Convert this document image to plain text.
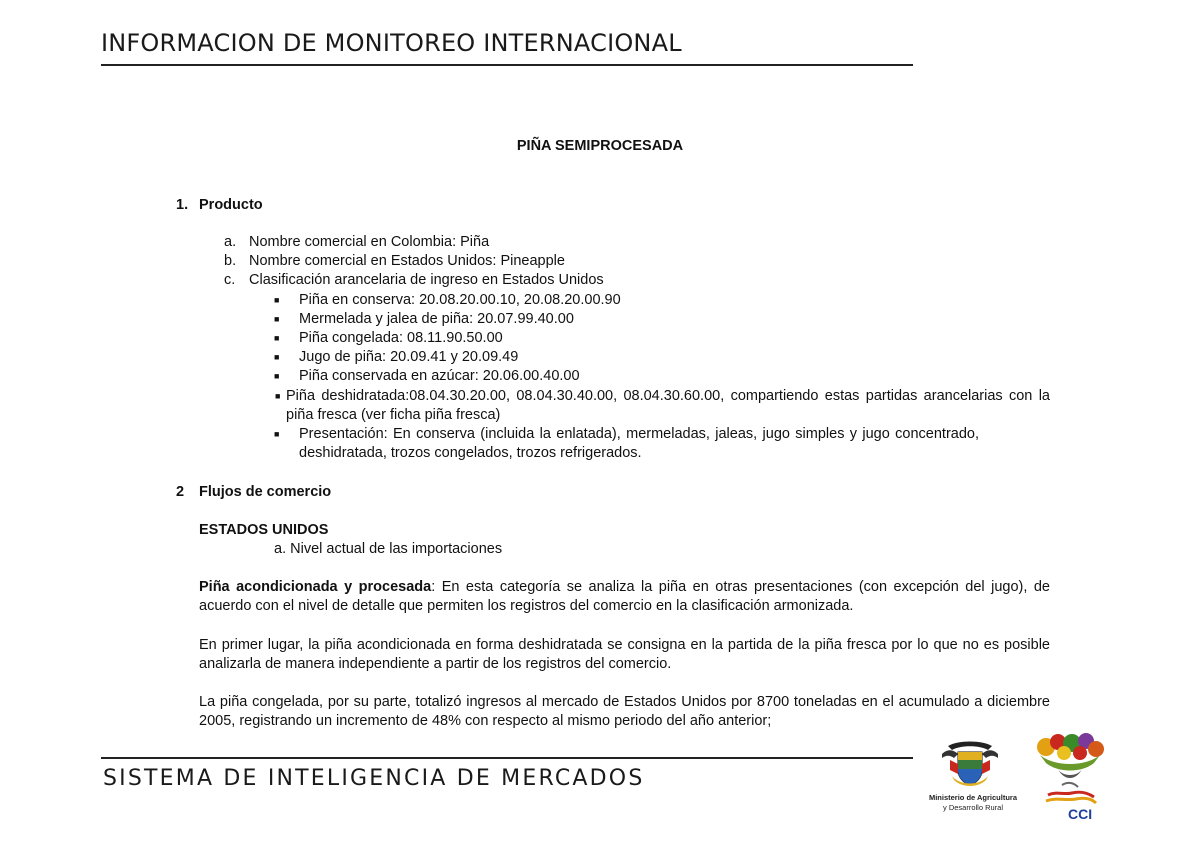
INFORMACION DE MONITOREO INTERNACIONAL
PIÑA SEMIPROCESADA
1. Producto
a. Nombre comercial en Colombia: Piña
b. Nombre comercial en Estados Unidos: Pineapple
c. Clasificación arancelaria de ingreso en Estados Unidos
■ Piña en conserva: 20.08.20.00.10, 20.08.20.00.90
■ Mermelada y jalea de piña: 20.07.99.40.00
■ Piña congelada: 08.11.90.50.00
■ Jugo de piña: 20.09.41 y 20.09.49
■ Piña conservada en azúcar: 20.06.00.40.00
■ Piña deshidratada:08.04.30.20.00, 08.04.30.40.00, 08.04.30.60.00, compartiendo estas partidas arancelarias con la piña fresca (ver ficha piña fresca)
■ Presentación: En conserva (incluida la enlatada), mermeladas, jaleas, jugo simples y jugo concentrado, deshidratada, trozos congelados, trozos refrigerados.
2 Flujos de comercio
ESTADOS UNIDOS
a. Nivel actual de las importaciones
Piña acondicionada y procesada: En esta categoría se analiza la piña en otras presentaciones (con excepción del jugo), de acuerdo con el nivel de detalle que permiten los registros del comercio en la clasificación armonizada.
En primer lugar, la piña acondicionada en forma deshidratada se consigna en la partida de la piña fresca por lo que no es posible analizarla de manera independiente a partir de los registros del comercio.
La piña congelada, por su parte, totalizó ingresos al mercado de Estados Unidos por 8700 toneladas en el acumulado a diciembre 2005, registrando un incremento de 48% con respecto al mismo periodo del año anterior;
SISTEMA DE INTELIGENCIA DE MERCADOS
Ministerio de Agricultura
y Desarrollo Rural	CCI
